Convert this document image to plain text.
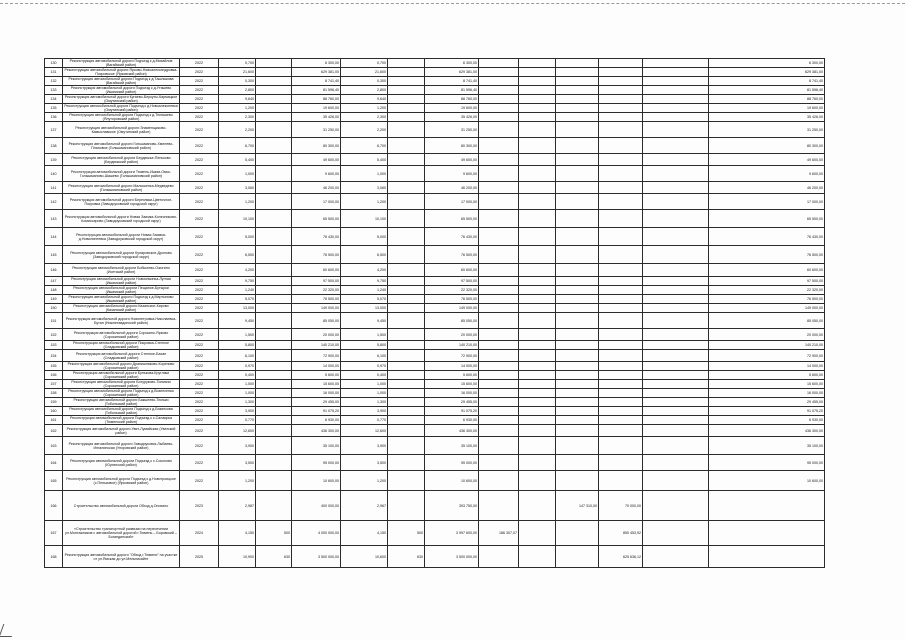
130	Реконструкция автомобильной дороги Подъезд к д.Михайлов (Вагайский район)	2022	0,700		6 300,00	0,700		6 300,00						6 300,00
131	Реконструкция автомобильной дороги Ярково-Новоалександровка-Покровское (Ярковский район)	2022	21,600		629 381,00	21,600		629 381,00						629 381,00
132	Реконструкция автомобильной дороги Подъезд к д.Ташлыкова (Вагайский район)	2022	0,300		8 741,40	0,300		8 741,40						8 741,40
133	Реконструкция автомобильной дороги Подъезд к д.Утяшево (Ишимский район)	2022	2,800		81 596,40	2,800		81 596,40						81 596,40
134	Реконструкция автомобильной дороги Кугаево-Беркуты-Кармацкое (Омутинский район)	2022	9,640		88 760,00	9,640		88 760,00						88 760,00
135	Реконструкция автомобильной дороги Подъезд к д.Новоалексеевка (Омутинский район)	2022	1,200		19 600,00	1,200		19 600,00						19 600,00
136	Реконструкция автомобильной дороги Подъезд к д.Тюляшево (Ялуторовский район)	2022	2,300		35 426,00	2,300		35 426,00						35 426,00
137	Реконструкция автомобильной дороги Знаменщиково-Камыславское (Омутинский район)	2022	2,200		31 250,00	2,200		31 250,00						31 250,00
138	Реконструкция автомобильной дороги Гольшманово-Хмелево-Плановое (Голышмановский район)	2022	6,700		80 300,00	6,700		80 300,00						80 300,00
139	Реконструкция автомобильной дороги Бердюжье-Пеньково (Бердюжский район)	2022	5,400		49 600,00	5,400		49 600,00						49 600,00
140	Реконструкция автомобильной дороги Тюмень-Ишим-Омск-Голышманово-Шашево (Голышмановский район)	2022	1,000		9 600,00	1,000		9 600,00						9 600,00
141	Реконструкция автомобильной дороги Малышенка-Медведево (Голышмановский район)	2022	3,060		46 200,00	3,060		46 200,00						46 200,00
142	Реконструкция автомобильной дороги Березняки-Цветочное-Покровка (Заводоуковский городской округ)	2022	1,200		17 000,00	1,200		17 000,00						17 000,00
143	Реконструкция автомобильной дороги Новая Заимка-Колесниково-Комиссарово (Заводоуковский городской округ)	2022	10,100		65 500,00	10,100		65 500,00						65 500,00
144	Реконструкция автомобильной дороги Новая Заимка-д.Новолинеевка (Заводоуковский городской округ)	2022	5,000		76 430,00	5,000		76 430,00						76 430,00
145	Реконструкция автомобильной дороги Куларовское-Дроново (Заводоуковский городской округ)	2022	6,500		76 500,00	6,500		76 500,00						76 500,00
146	Реконструкция автомобильной дороги Бобылево-Ожогино (Исетский район)	2022	4,200		60 600,00	4,200		60 600,00						60 600,00
147	Реконструкция автомобильной дороги Новоильинка-Лугная (Ишимский район)	2022	9,750		97 500,00	9,750		97 500,00						97 500,00
148	Реконструкция автомобильной дороги Пещаное-Бутырки (Ишимский район)	2022	1,240		22 320,00	1,240		22 320,00						22 320,00
149	Реконструкция автомобильной дороги Подъезд к д.Мартыново (Ишимский район)	2022	5,070		76 500,00	5,070		76 500,00						76 500,00
150	Реконструкция автомобильной дороги Казанское-Кирово (Казанский район)	2022	13,000		149 000,00	13,000		149 000,00						149 000,00
151	Реконструкция автомобильной дороги Новопетровка-Николаевка-Бутан (Нижнетавдинский район)	2022	9,450		85 050,00	9,450		85 050,00						85 050,00
152	Реконструкция автомобильной дороги Сорокино-Ярково (Сорокинский район)	2022	1,500		20 000,00	1,500		20 000,00						20 000,00
153	Реконструкция автомобильной дороги Покровка-Степное (Сладковский район)	2022	5,800		140 210,00	5,800		140 210,00						140 210,00
154	Реконструкция автомобильной дороги Степное-Бахан (Сладковский район)	2022	6,100		72 900,00	6,100		72 900,00						72 900,00
155	Реконструкция автомобильной дороги Дранишниково-Кореново (Сорокинский район)	2022	0,970		14 000,00	0,970		14 000,00						14 000,00
156	Реконструкция автомобильной дороги Бунькова-Кругляки (Сорокинский район)	2022	0,400		5 600,00	0,400		5 600,00						5 600,00
157	Реконструкция автомобильной дороги Ботуруково-Толмачи (Сорокинский район)	2022	1,000		15 600,00	1,000		15 600,00						15 600,00
158	Реконструкция автомобильной дороги Подъезд к д.Вознесенка (Сорокинский район)	2022	1,000		16 000,00	1,000		16 000,00						16 000,00
159	Реконструкция автомобильной дороги Бакшеево-Тюльки (Тобольский район)	2022	1,300		29 455,00	1,300		29 455,00						29 455,00
160	Реконструкция автомобильной дороги Подъезд к д.Бизинкова (Тобольский район)	2022	3,900		91 075,20	3,900		91 075,20						91 075,20
161	Реконструкция автомобильной дороги Подъезд к с.Салаирка (Тюменский район)	2022	0,770		6 930,00	0,770		6 930,00						6 930,00
162	Реконструкция автомобильной дороги Увят-Лумайская (Уватский район)	2022	12,600		436 300,00	12,600		436 300,00						436 300,00
163	Реконструкция автомобильной дороги Заводоуковск-Лыбаево-Ингалинская (Упоровский район)	2022	3,900		35 100,00	3,900		35 100,00						35 100,00
164	Реконструкция автомобильной дороги Подъезд к с.Соколово (Юргинский район)	2022	3,500		95 000,00	3,500		95 000,00						95 000,00
165	Реконструкция автомобильной дороги Подъезд к д.Новотроицкое (с.Пеньковое) (Ярковский район)	2022	1,200		10 600,00	1,200		10 600,00						10 600,00
166	Строительство автомобильной дороги Обход д.Онохино	2023	2,987		400 000,00	2,967		393 750,00			147 310,00	70 000,00		
167	«Строительство транспортной развязки на пересечении ул.Монтажников с автомобильной дорогой г.Тюмень – Боровский – Богандинский»	2024	4,150	500	4 000 000,00	4,150	500	3 997 600,00	186 307,07			850 453,92		
168	Реконструкция автомобильной дороги "Обход г.Тюмени" на участке от ул.Ямская до ул.Мельникайте	2025	10,900	630	3 500 000,00	10,600	630	3 500 000,00				625 636,12		
